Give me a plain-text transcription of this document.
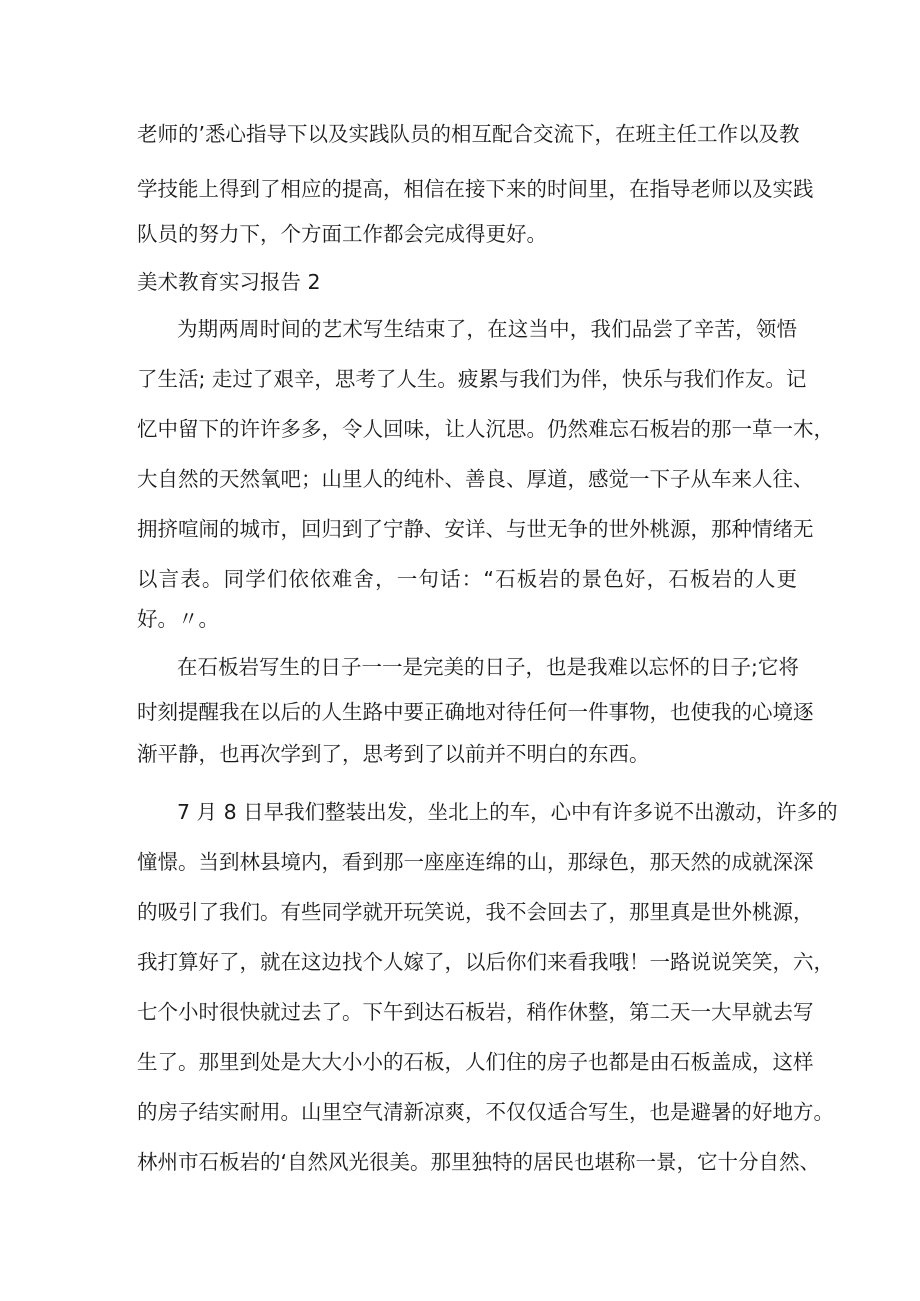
老师的’悉心指导下以及实践队员的相互配合交流下，在班主任工作以及教
学技能上得到了相应的提高，相信在接下来的时间里，在指导老师以及实践
队员的努力下，个方面工作都会完成得更好。
美术教育实习报告 2
为期两周时间的艺术写生结束了，在这当中，我们品尝了辛苦，领悟
了生活; 走过了艰辛，思考了人生。疲累与我们为伴，快乐与我们作友。记
忆中留下的许许多多，令人回味，让人沉思。仍然难忘石板岩的那一草一木，
大自然的天然氧吧；山里人的纯朴、善良、厚道，感觉一下子从车来人往、
拥挤喧闹的城市，回归到了宁静、安详、与世无争的世外桃源，那种情绪无
以言表。同学们依依难舍，一句话：“石板岩的景色好，石板岩的人更
好。〃。
在石板岩写生的日子一一是完美的日子，也是我难以忘怀的日子;它将
时刻提醒我在以后的人生路中要正确地对待任何一件事物，也使我的心境逐
渐平静，也再次学到了，思考到了以前并不明白的东西。
7 月 8 日早我们整装出发，坐北上的车，心中有许多说不出激动，许多的
憧憬。当到林县境内，看到那一座座连绵的山，那绿色，那天然的成就深深
的吸引了我们。有些同学就开玩笑说，我不会回去了，那里真是世外桃源，
我打算好了，就在这边找个人嫁了，以后你们来看我哦！一路说说笑笑，六，
七个小时很快就过去了。下午到达石板岩，稍作休整，第二天一大早就去写
生了。那里到处是大大小小的石板，人们住的房子也都是由石板盖成，这样
的房子结实耐用。山里空气清新凉爽，不仅仅适合写生，也是避暑的好地方。
林州市石板岩的‘自然风光很美。那里独特的居民也堪称一景，它十分自然、
